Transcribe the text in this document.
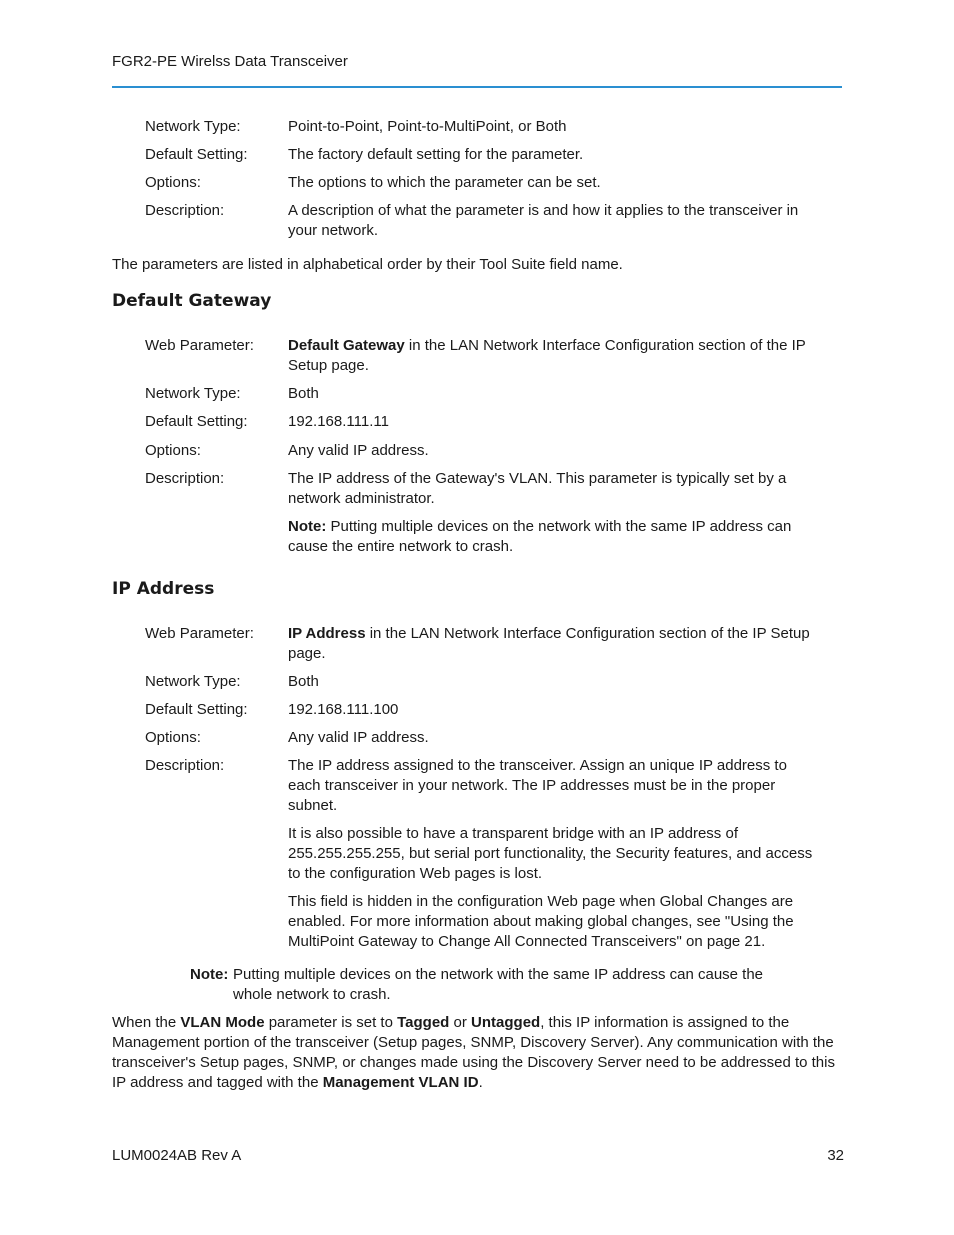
FGR2-PE Wirelss Data Transceiver
Network Type:	Point-to-Point, Point-to-MultiPoint, or Both
Default Setting:	The factory default setting for the parameter.
Options:	The options to which the parameter can be set.
Description:	A description of what the parameter is and how it applies to the transceiver in your network.
The parameters are listed in alphabetical order by their Tool Suite field name.
Default Gateway
Web Parameter:	Default Gateway in the LAN Network Interface Configuration section of the IP Setup page.
Network Type:	Both
Default Setting:	192.168.111.11
Options:	Any valid IP address.
Description:	The IP address of the Gateway's VLAN. This parameter is typically set by a network administrator.

Note: Putting multiple devices on the network with the same IP address can cause the entire network to crash.

IP Address
Web Parameter:	IP Address in the LAN Network Interface Configuration section of the IP Setup page.
Network Type:	Both
Default Setting:	192.168.111.100
Options:	Any valid IP address.
Description:	The IP address assigned to the transceiver. Assign an unique IP address to each transceiver in your network. The IP addresses must be in the proper subnet.

It is also possible to have a transparent bridge with an IP address of 255.255.255.255, but serial port functionality, the Security features, and access to the configuration Web pages is lost.

This field is hidden in the configuration Web page when Global Changes are enabled. For more information about making global changes, see "Using the MultiPoint Gateway to Change All Connected Transceivers" on page 21.

Note: Putting multiple devices on the network with the same IP address can cause the whole network to crash.
When the VLAN Mode parameter is set to Tagged or Untagged, this IP information is assigned to the Management portion of the transceiver (Setup pages, SNMP, Discovery Server). Any communication with the transceiver's Setup pages, SNMP, or changes made using the Discovery Server need to be addressed to this IP address and tagged with the Management VLAN ID.
LUM0024AB Rev A	32
